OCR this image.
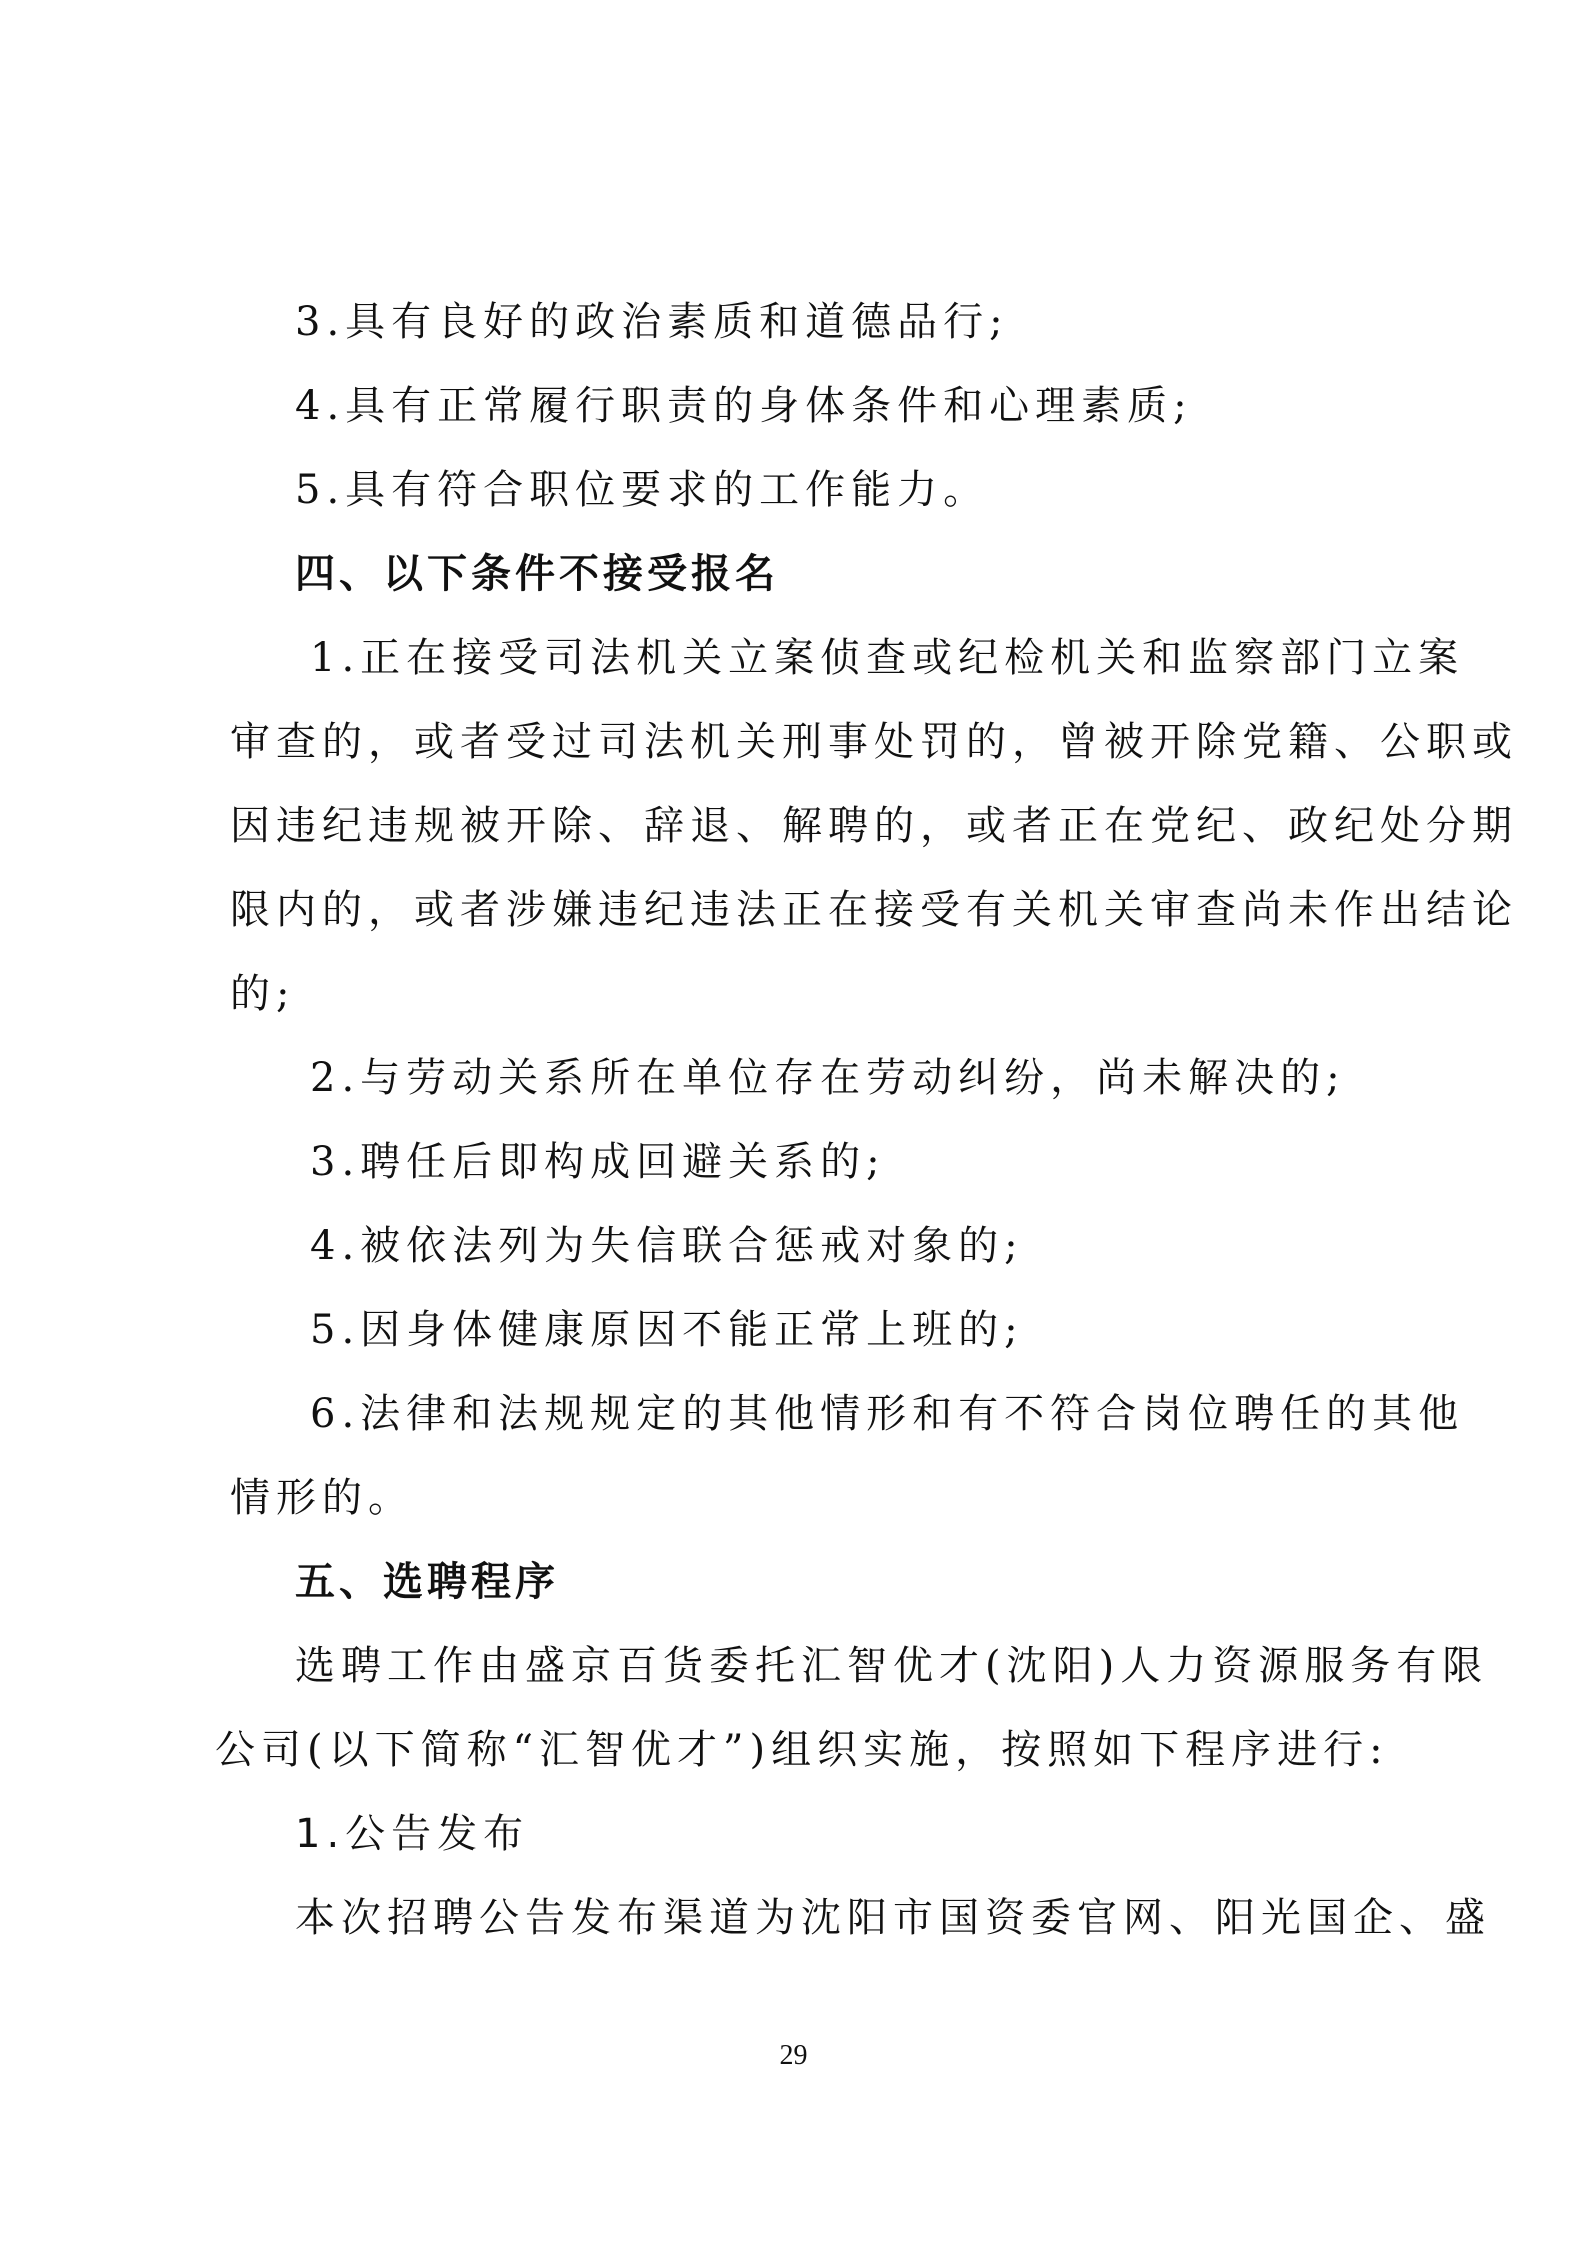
3.具有良好的政治素质和道德品行;
4.具有正常履行职责的身体条件和心理素质;
5.具有符合职位要求的工作能力。
四、以下条件不接受报名
1.正在接受司法机关立案侦查或纪检机关和监察部门立案
审查的，或者受过司法机关刑事处罚的，曾被开除党籍、公职或
因违纪违规被开除、辞退、解聘的，或者正在党纪、政纪处分期
限内的，或者涉嫌违纪违法正在接受有关机关审查尚未作出结论
的;
2.与劳动关系所在单位存在劳动纠纷，尚未解决的;
3.聘任后即构成回避关系的;
4.被依法列为失信联合惩戒对象的;
5.因身体健康原因不能正常上班的;
6.法律和法规规定的其他情形和有不符合岗位聘任的其他
情形的。
五、选聘程序
选聘工作由盛京百货委托汇智优才(沈阳)人力资源服务有限
公司(以下简称“汇智优才”)组织实施，按照如下程序进行:
1.公告发布
本次招聘公告发布渠道为沈阳市国资委官网、阳光国企、盛
29
